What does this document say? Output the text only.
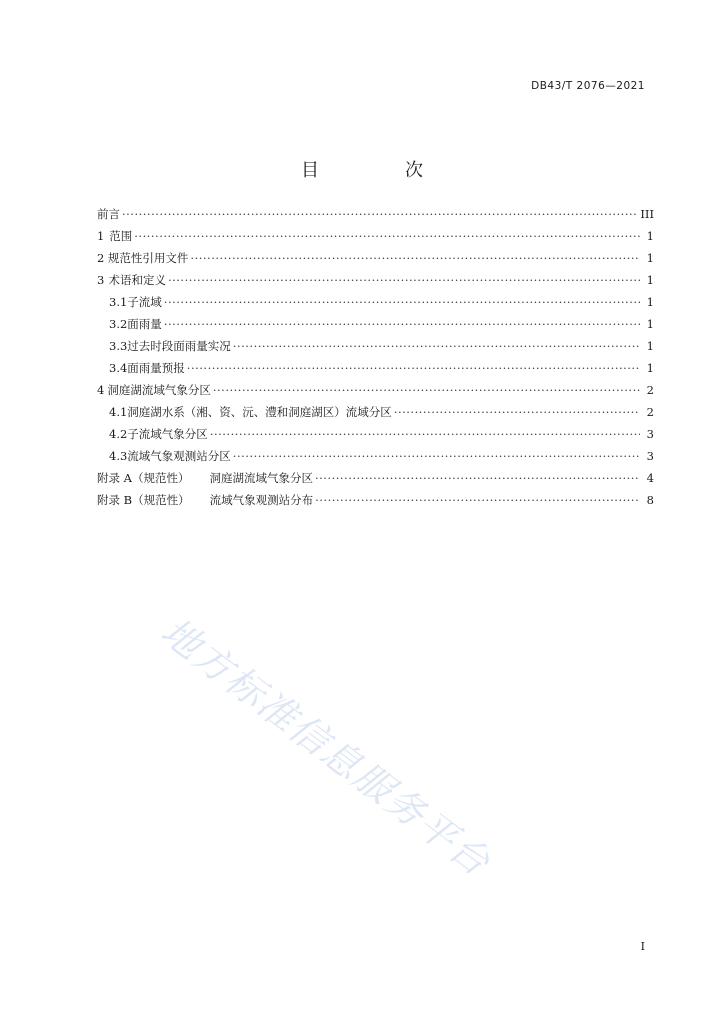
DB43/T 2076—2021
目　次
前言 ·····	III
1 范围 ·····	1
2 规范性引用文件 ·····	1
3 术语和定义 ·····	1
3.1 子流域 ·····	1
3.2 面雨量 ·····	1
3.3 过去时段面雨量实况 ·····	1
3.4 面雨量预报 ·····	1
4 洞庭湖流域气象分区 ·····	2
4.1 洞庭湖水系（湘、资、沅、澧和洞庭湖区）流域分区 ·····	2
4.2 子流域气象分区 ·····	3
4.3 流域气象观测站分区 ·····	3
附录 A（规范性） 洞庭湖流域气象分区 ·····	4
附录 B（规范性） 流域气象观测站分布 ·····	8
地方标准信息服务平台
I
